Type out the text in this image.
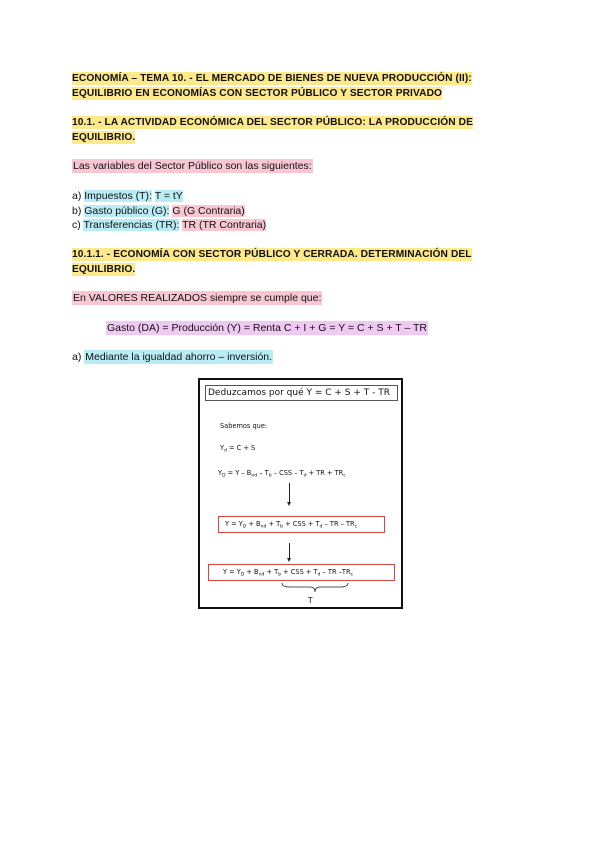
ECONOMÍA – TEMA 10. - EL MERCADO DE BIENES DE NUEVA PRODUCCIÓN (II):
EQUILIBRIO EN ECONOMÍAS CON SECTOR PÚBLICO Y SECTOR PRIVADO
10.1. - LA ACTIVIDAD ECONÓMICA DEL SECTOR PÚBLICO: LA PRODUCCIÓN DE
EQUILIBRIO.
Las variables del Sector Público son las siguientes:
a) Impuestos (T): T = tY
b) Gasto público (G): G (G Contraria)
c) Transferencias (TR): TR (TR Contraria)
10.1.1. - ECONOMÍA CON SECTOR PÚBLICO Y CERRADA. DETERMINACIÓN DEL
EQUILIBRIO.
En VALORES REALIZADOS siempre se cumple que:
Gasto (DA) = Producción (Y) = Renta C + I + G = Y = C + S + T – TR
a) Mediante la igualdad ahorro – inversión.
Deduzcamos por qué Y = C + S + T - TR
Sabemos que:
$Y_d = C + S$
$Y_D = Y - B_{nd} - T_b$ – CSS – $T_d$ + TR + $TR_c$
$Y = Y_D + B_{nd} + T_b$ + CSS + $T_d$ – TR – $TR_c$
$Y = Y_D + B_{nd} + T_b$ + CSS + $T_d$ – TR $-TR_c$
T
